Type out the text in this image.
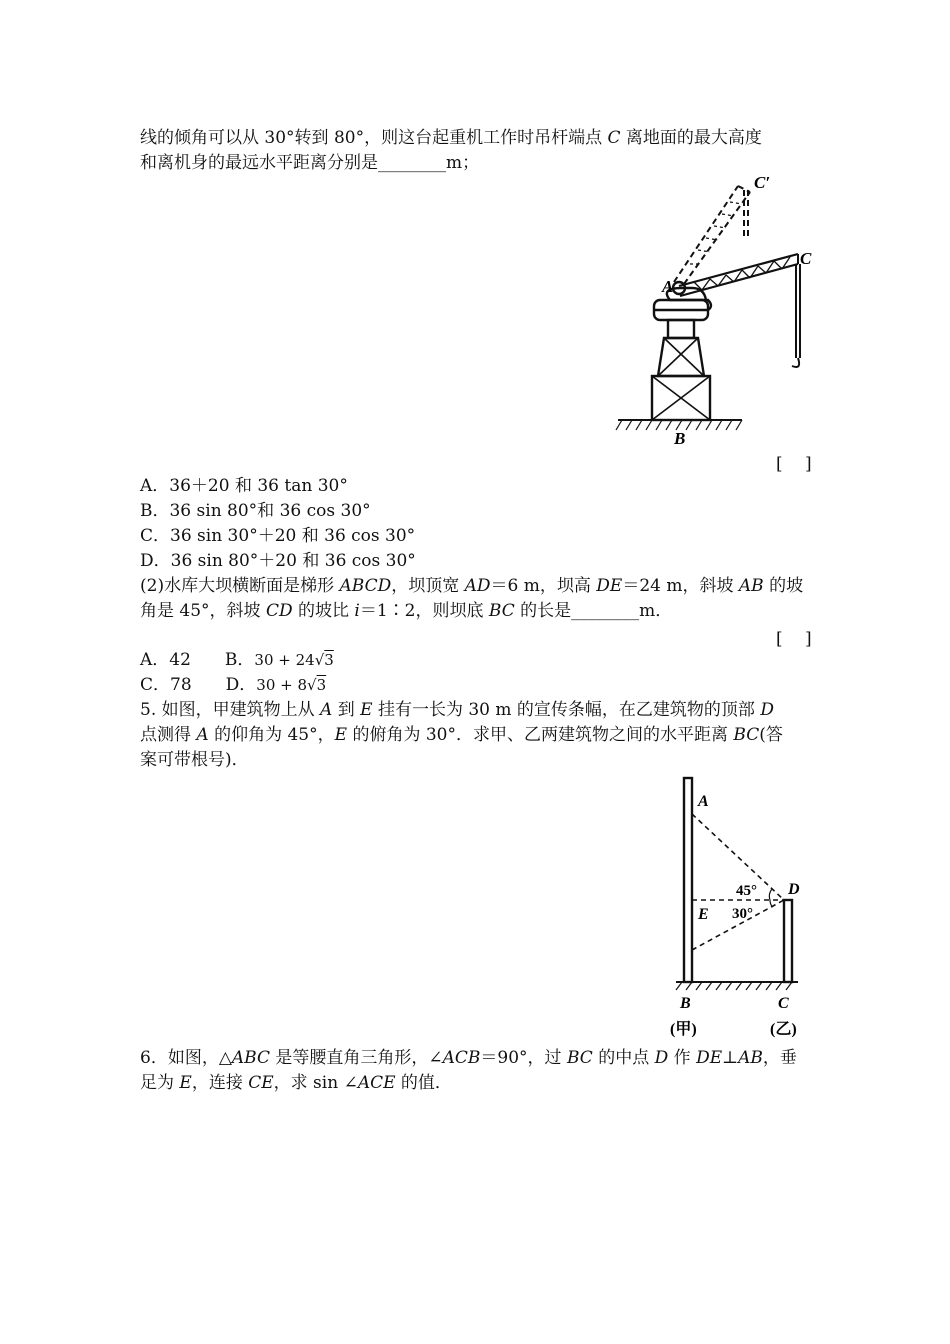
线的倾角可以从 30°转到 80°，则这台起重机工作时吊杆端点 C 离地面的最大高度
和离机身的最远水平距离分别是________m；
C′
C
A
B
[　 ]
A．36＋20 和 36 tan 30°
B．36 sin 80°和 36 cos 30°
C．36 sin 30°＋20 和 36 cos 30°
D．36 sin 80°＋20 和 36 cos 30°
(2)水库大坝横断面是梯形 ABCD，坝顶宽 AD＝6 m，坝高 DE＝24 m，斜坡 AB 的坡
角是 45°，斜坡 CD 的坡比 i＝1∶2，则坝底 BC 的长是________m．
[　 ]
A．42 B．30 + 24√3
C．78 D．30 + 8√3
5. 如图，甲建筑物上从 A 到 E 挂有一长为 30 m 的宣传条幅，在乙建筑物的顶部 D
点测得 A 的仰角为 45°，E 的俯角为 30°．求甲、乙两建筑物之间的水平距离 BC(答
案可带根号)．
A
D
E
45°
30°
B	C
(甲)	(乙)
6．如图，△ABC 是等腰直角三角形，∠ACB＝90°，过 BC 的中点 D 作 DE⊥AB，垂
足为 E，连接 CE，求 sin ∠ACE 的值．
